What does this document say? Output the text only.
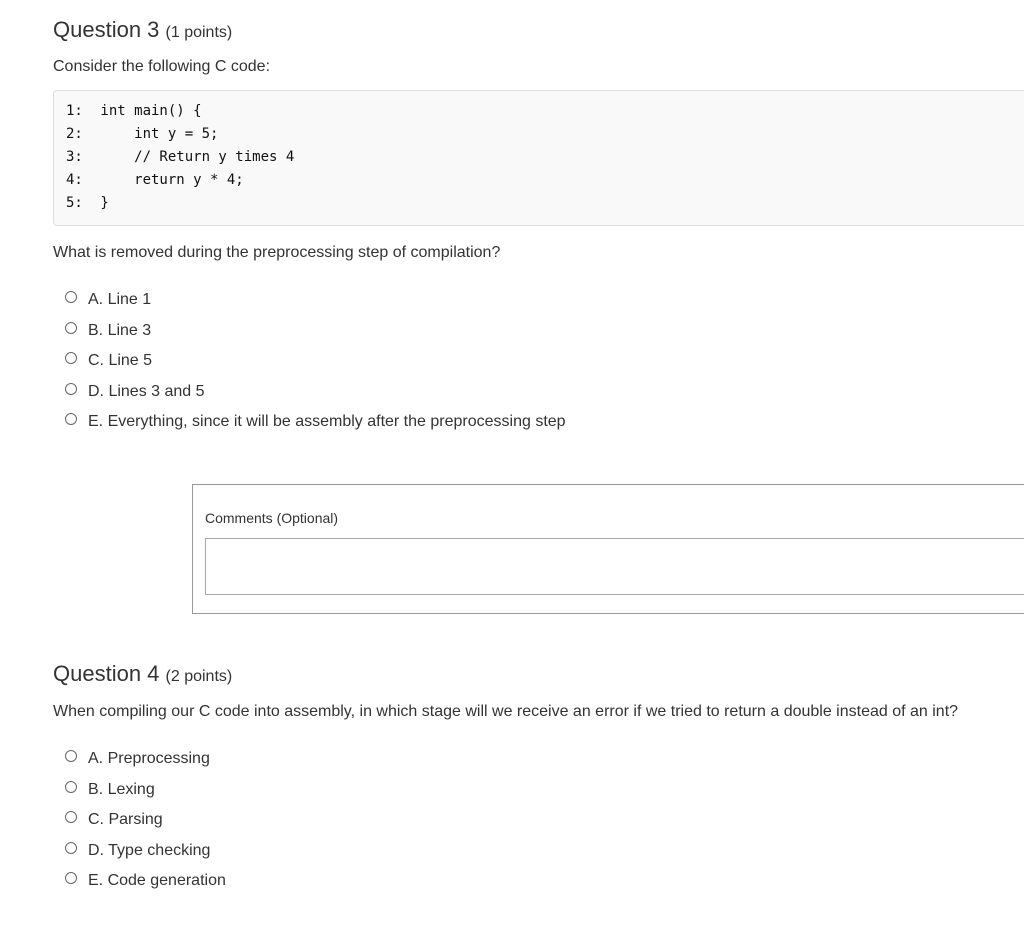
Question 3 (1 points)
Consider the following C code:
1: int main() {
2: int y = 5;
3: // Return y times 4
4: return y * 4;
5: }
What is removed during the preprocessing step of compilation?
A. Line 1
B. Line 3
C. Line 5
D. Lines 3 and 5
E. Everything, since it will be assembly after the preprocessing step
Comments (Optional)
Question 4 (2 points)
When compiling our C code into assembly, in which stage will we receive an error if we tried to return a double instead of an int?
A. Preprocessing
B. Lexing
C. Parsing
D. Type checking
E. Code generation
